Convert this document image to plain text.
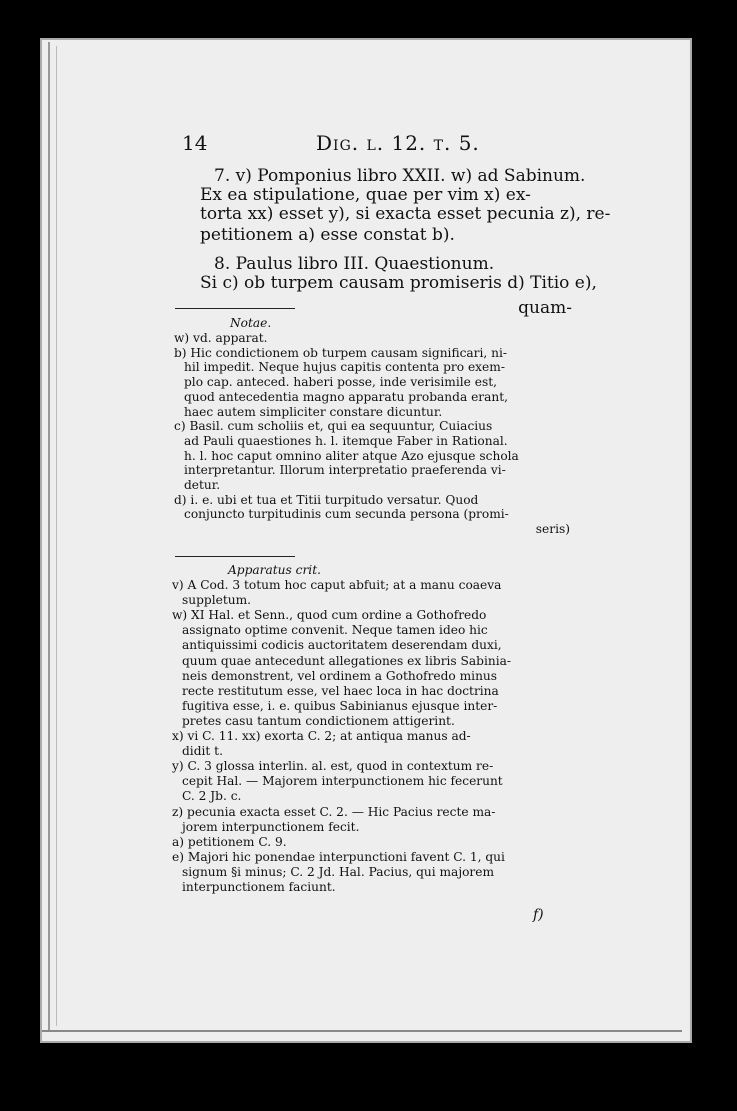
14	Dig. l. 12. t. 5.
7. v) Pomponius libro XXII. w) ad Sabinum.
Ex ea stipulatione, quae per vim x) ex-
torta xx) esset y), si exacta esset pecunia z), re-
petitionem a) esse constat b).
8. Paulus libro III. Quaestionum.
Si c) ob turpem causam promiseris d) Titio e),
quam-
Notae.
w) vd. apparat.
b) Hic condictionem ob turpem causam significari, ni-
hil impedit. Neque hujus capitis contenta pro exem-
plo cap. anteced. haberi posse, inde verisimile est,
quod antecedentia magno apparatu probanda erant,
haec autem simpliciter constare dicuntur.
c) Basil. cum scholiis et, qui ea sequuntur, Cuiacius
ad Pauli quaestiones h. l. itemque Faber in Rational.
h. l. hoc caput omnino aliter atque Azo ejusque schola
interpretantur. Illorum interpretatio praeferenda vi-
detur.
d) i. e. ubi et tua et Titii turpitudo versatur. Quod
conjuncto turpitudinis cum secunda persona (promi-
seris)
Apparatus crit.
v) A Cod. 3 totum hoc caput abfuit; at a manu coaeva
suppletum.
w) XI Hal. et Senn., quod cum ordine a Gothofredo
assignato optime convenit. Neque tamen ideo hic
antiquissimi codicis auctoritatem deserendam duxi,
quum quae antecedunt allegationes ex libris Sabinia-
neis demonstrent, vel ordinem a Gothofredo minus
recte restitutum esse, vel haec loca in hac doctrina
fugitiva esse, i. e. quibus Sabinianus ejusque inter-
pretes casu tantum condictionem attigerint.
x) vi C. 11. xx) exorta C. 2; at antiqua manus ad-
didit t.
y) C. 3 glossa interlin. al. est, quod in contextum re-
cepit Hal. — Majorem interpunctionem hic fecerunt
C. 2 Jb. c.
z) pecunia exacta esset C. 2. — Hic Pacius recte ma-
jorem interpunctionem fecit.
a) petitionem C. 9.
e) Majori hic ponendae interpunctioni favent C. 1, qui
signum §i minus; C. 2 Jd. Hal. Pacius, qui majorem
interpunctionem faciunt.
f)
